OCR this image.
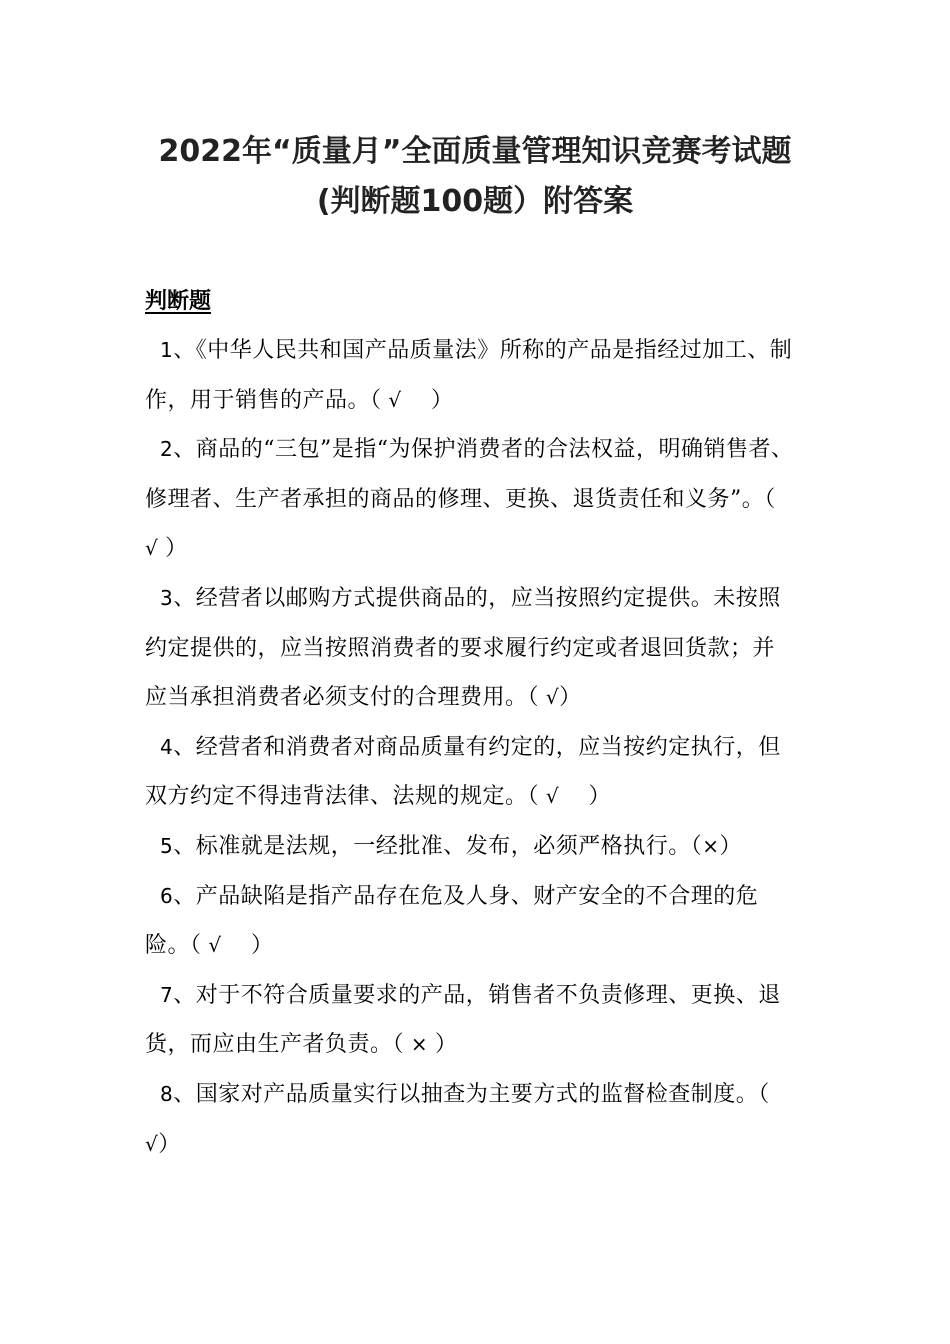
2022年“质量月”全面质量管理知识竞赛考试题
(判断题100题）附答案
判断题
1、《中华人民共和国产品质量法》所称的产品是指经过加工、制作，用于销售的产品。（ √ 　）
2、商品的“三包”是指“为保护消费者的合法权益，明确销售者、修理者、生产者承担的商品的修理、更换、退货责任和义务”。（ √ ）
3、经营者以邮购方式提供商品的，应当按照约定提供。未按照约定提供的，应当按照消费者的要求履行约定或者退回货款；并应当承担消费者必须支付的合理费用。（ √）
4、经营者和消费者对商品质量有约定的，应当按约定执行，但双方约定不得违背法律、法规的规定。（ √ 　）
5、标准就是法规，一经批准、发布，必须严格执行。（×）
6、产品缺陷是指产品存在危及人身、财产安全的不合理的危险。（ √ 　）
7、对于不符合质量要求的产品，销售者不负责修理、更换、退货，而应由生产者负责。（ × ）
8、国家对产品质量实行以抽查为主要方式的监督检查制度。（　　√）
